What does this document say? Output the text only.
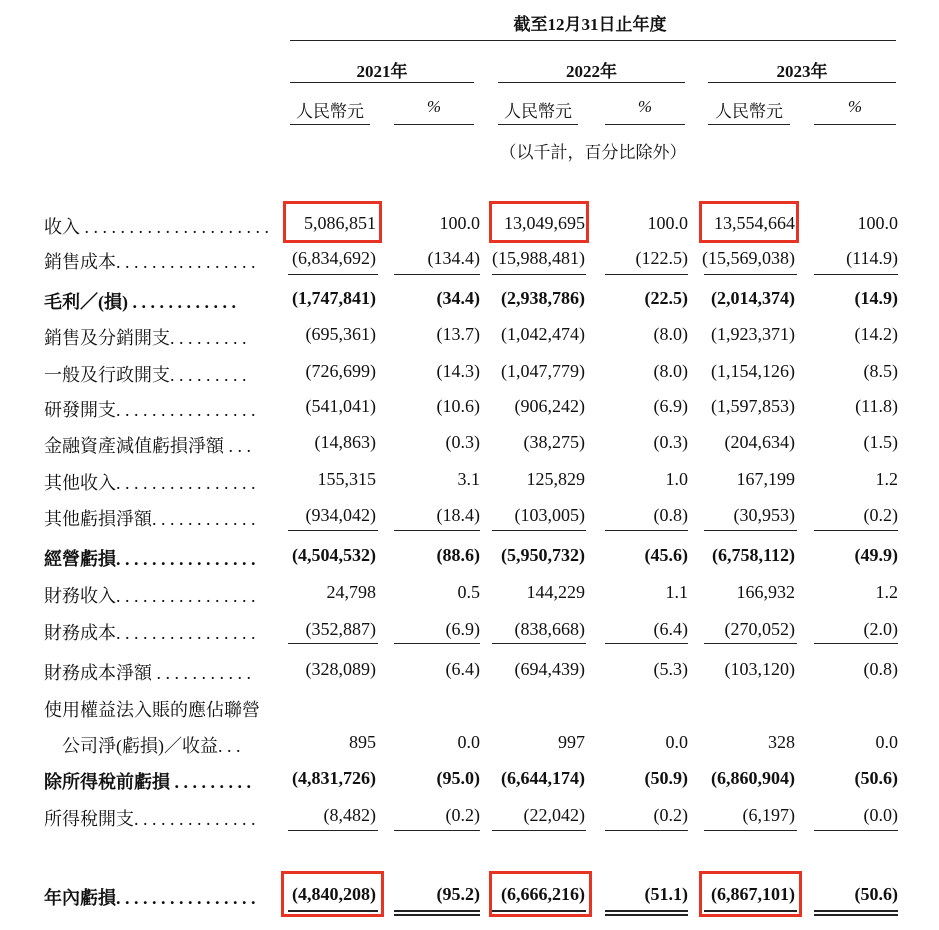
截至12月31日止年度
2021年	2022年	2023年
人民幣元	%	人民幣元	%	人民幣元	%
（以千計，百分比除外）
收入 . . . . . . . . . . . . . . . . . . . . .	5,086,851	100.0	13,049,695	100.0	13,554,664	100.0
銷售成本. . . . . . . . . . . . . . . .	(6,834,692)	(134.4) (15,988,481)	(122.5) (15,569,038)	(114.9)
毛利／(損) . . . . . . . . . . . .	(1,747,841)	(34.4)	(2,938,786)	(22.5)	(2,014,374)	(14.9)
銷售及分銷開支. . . . . . . . .	(695,361)	(13.7)	(1,042,474)	(8.0)	(1,923,371)	(14.2)
一般及行政開支. . . . . . . . .	(726,699)	(14.3)	(1,047,779)	(8.0)	(1,154,126)	(8.5)
研發開支. . . . . . . . . . . . . . . .	(541,041)	(10.6)	(906,242)	(6.9)	(1,597,853)	(11.8)
金融資產減值虧損淨額 . . .	(14,863)	(0.3)	(38,275)	(0.3)	(204,634)	(1.5)
其他收入. . . . . . . . . . . . . . . .	155,315	3.1	125,829	1.0	167,199	1.2
其他虧損淨額. . . . . . . . . . . .	(934,042)	(18.4)	(103,005)	(0.8)	(30,953)	(0.2)
經營虧損. . . . . . . . . . . . . . . .	(4,504,532)	(88.6)	(5,950,732)	(45.6)	(6,758,112)	(49.9)
財務收入. . . . . . . . . . . . . . . .	24,798	0.5	144,229	1.1	166,932	1.2
財務成本. . . . . . . . . . . . . . . .	(352,887)	(6.9)	(838,668)	(6.4)	(270,052)	(2.0)
財務成本淨額 . . . . . . . . . . .	(328,089)	(6.4)	(694,439)	(5.3)	(103,120)	(0.8)
使用權益法入賬的應佔聯營
　公司淨(虧損)／收益. . .	895	0.0	997	0.0	328	0.0
除所得稅前虧損 . . . . . . . . .	(4,831,726)	(95.0)	(6,644,174)	(50.9)	(6,860,904)	(50.6)
所得稅開支. . . . . . . . . . . . . .	(8,482)	(0.2)	(22,042)	(0.2)	(6,197)	(0.0)
年內虧損. . . . . . . . . . . . . . . .	(4,840,208)	(95.2)	(6,666,216)	(51.1)	(6,867,101)	(50.6)
